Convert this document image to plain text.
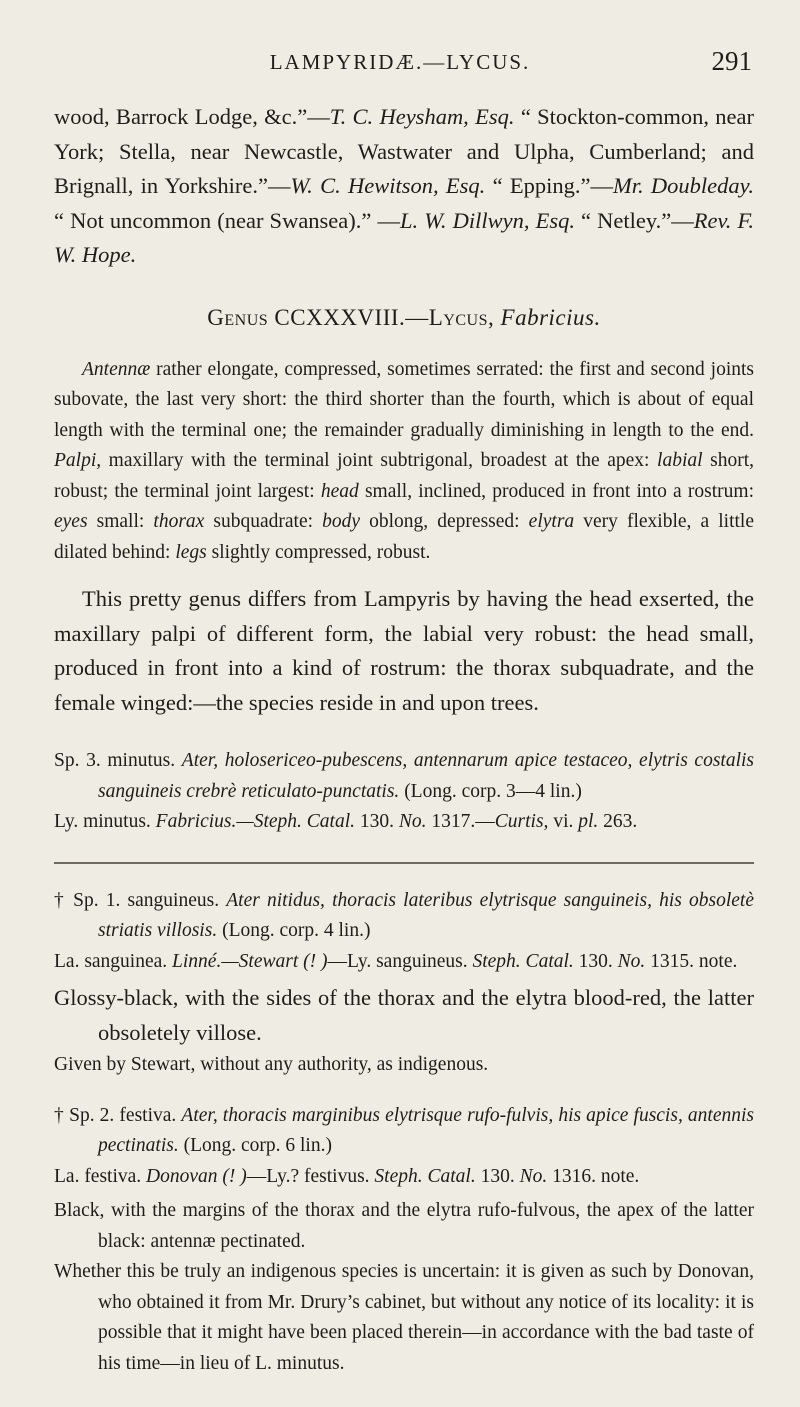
LAMPYRIDÆ.—LYCUS.	291

wood, Barrock Lodge, &c.”—T. C. Heysham, Esq. “ Stockton-common, near York; Stella, near Newcastle, Wastwater and Ulpha, Cumberland; and Brignall, in Yorkshire.”—W. C. Hewitson, Esq. “ Epping.”—Mr. Doubleday. “ Not uncommon (near Swansea).” —L. W. Dillwyn, Esq. “ Netley.”—Rev. F. W. Hope.

Genus CCXXXVIII.—Lycus, Fabricius.

Antennæ rather elongate, compressed, sometimes serrated: the first and second joints subovate, the last very short: the third shorter than the fourth, which is about of equal length with the terminal one; the remainder gradually diminishing in length to the end. Palpi, maxillary with the terminal joint subtrigonal, broadest at the apex: labial short, robust; the terminal joint largest: head small, inclined, produced in front into a rostrum: eyes small: thorax subquadrate: body oblong, depressed: elytra very flexible, a little dilated behind: legs slightly compressed, robust.

This pretty genus differs from Lampyris by having the head exserted, the maxillary palpi of different form, the labial very robust: the head small, produced in front into a kind of rostrum: the thorax subquadrate, and the female winged:—the species reside in and upon trees.

Sp. 3. minutus. Ater, holosericeo-pubescens, antennarum apice testaceo, elytris costalis sanguineis crebrè reticulato-punctatis. (Long. corp. 3—4 lin.)

Ly. minutus. Fabricius.—Steph. Catal. 130. No. 1317.—Curtis, vi. pl. 263.

† Sp. 1. sanguineus. Ater nitidus, thoracis lateribus elytrisque sanguineis, his obsoletè striatis villosis. (Long. corp. 4 lin.)

La. sanguinea. Linné.—Stewart (! )—Ly. sanguineus. Steph. Catal. 130. No. 1315. note.

Glossy-black, with the sides of the thorax and the elytra blood-red, the latter obsoletely villose.

Given by Stewart, without any authority, as indigenous.

† Sp. 2. festiva. Ater, thoracis marginibus elytrisque rufo-fulvis, his apice fuscis, antennis pectinatis. (Long. corp. 6 lin.)

La. festiva. Donovan (! )—Ly.? festivus. Steph. Catal. 130. No. 1316. note.

Black, with the margins of the thorax and the elytra rufo-fulvous, the apex of the latter black: antennæ pectinated.

Whether this be truly an indigenous species is uncertain: it is given as such by Donovan, who obtained it from Mr. Drury’s cabinet, but without any notice of its locality: it is possible that it might have been placed therein—in accordance with the bad taste of his time—in lieu of L. minutus.
